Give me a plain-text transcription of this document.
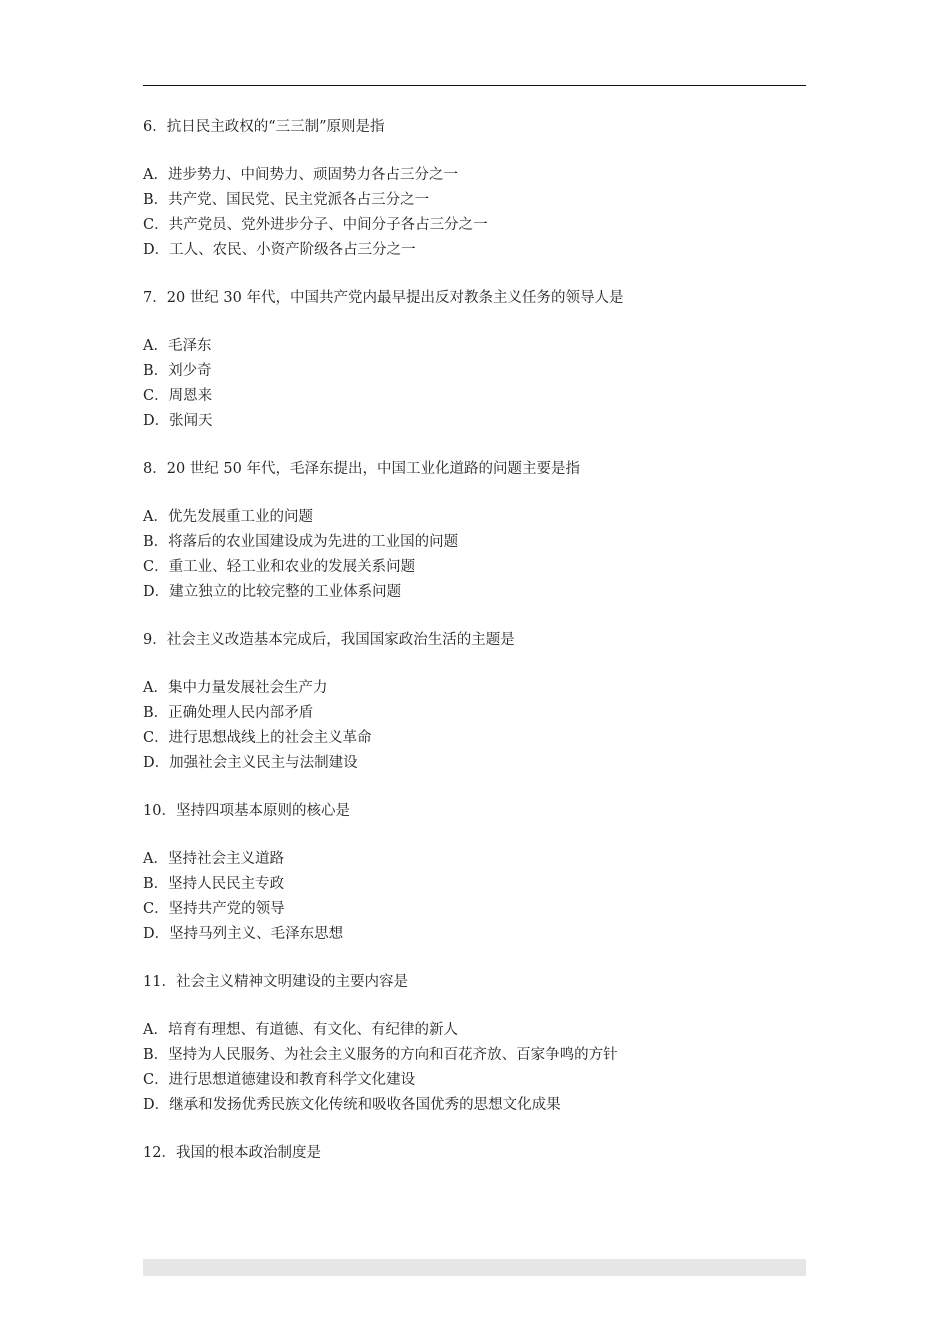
6．抗日民主政权的“三三制”原则是指
A．进步势力、中间势力、顽固势力各占三分之一
B．共产党、国民党、民主党派各占三分之一
C．共产党员、党外进步分子、中间分子各占三分之一
D．工人、农民、小资产阶级各占三分之一
7．20 世纪 30 年代，中国共产党内最早提出反对教条主义任务的领导人是
A．毛泽东
B．刘少奇
C．周恩来
D．张闻天
8．20 世纪 50 年代，毛泽东提出，中国工业化道路的问题主要是指
A．优先发展重工业的问题
B．将落后的农业国建设成为先进的工业国的问题
C．重工业、轻工业和农业的发展关系问题
D．建立独立的比较完整的工业体系问题
9．社会主义改造基本完成后，我国国家政治生活的主题是
A．集中力量发展社会生产力
B．正确处理人民内部矛盾
C．进行思想战线上的社会主义革命
D．加强社会主义民主与法制建设
10．坚持四项基本原则的核心是
A．坚持社会主义道路
B．坚持人民民主专政
C．坚持共产党的领导
D．坚持马列主义、毛泽东思想
11．社会主义精神文明建设的主要内容是
A．培育有理想、有道德、有文化、有纪律的新人
B．坚持为人民服务、为社会主义服务的方向和百花齐放、百家争鸣的方针
C．进行思想道德建设和教育科学文化建设
D．继承和发扬优秀民族文化传统和吸收各国优秀的思想文化成果
12．我国的根本政治制度是
